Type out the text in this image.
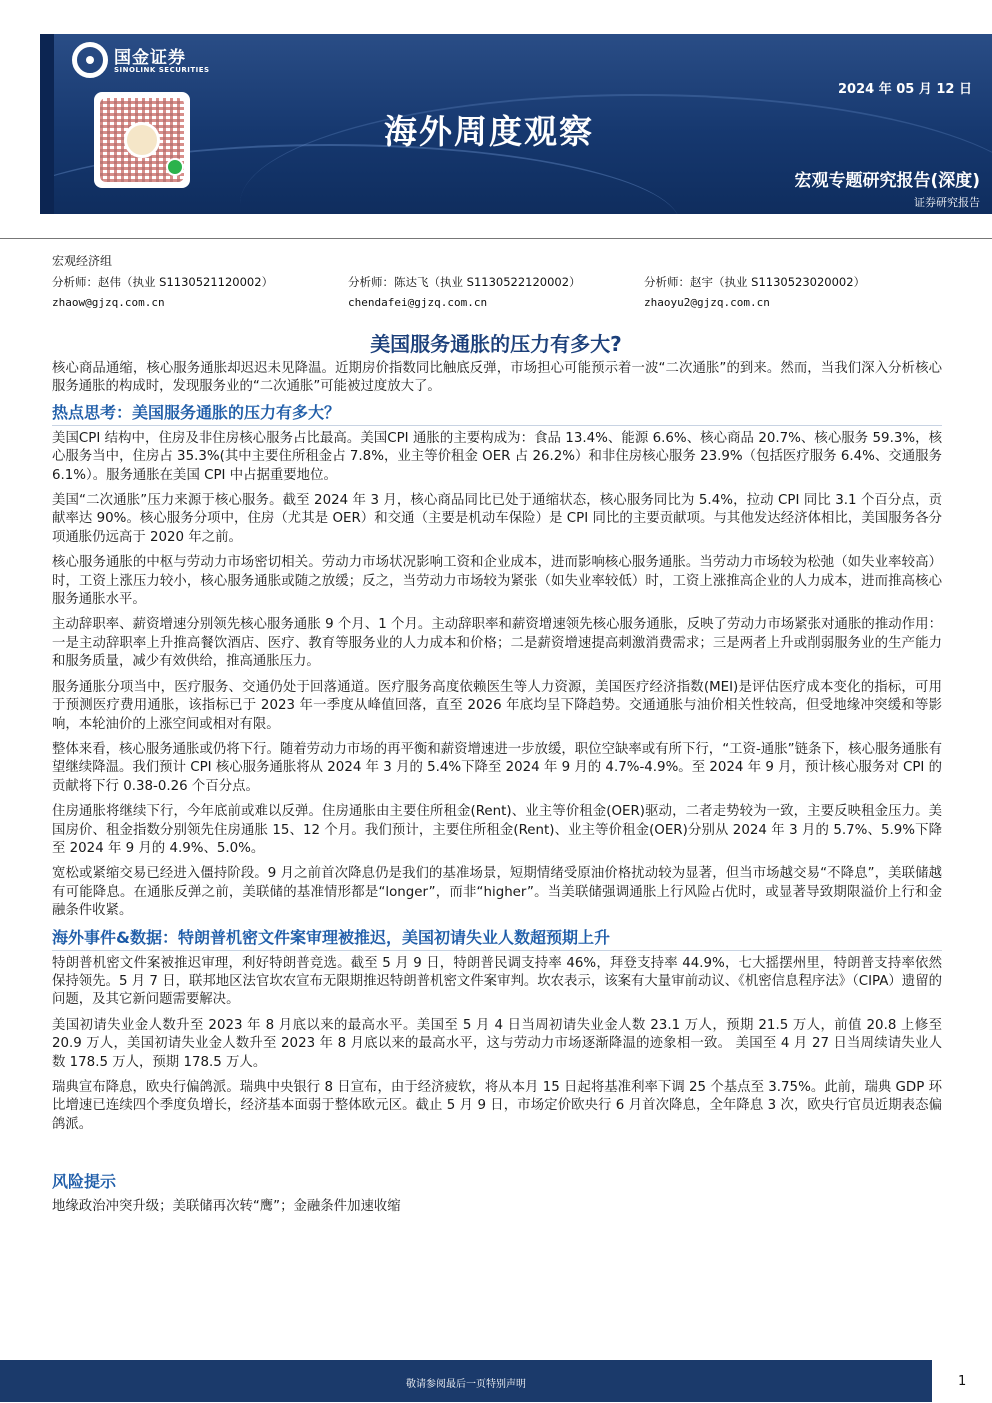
2024 年 05 月 12 日
宏观专题研究报告(深度)
证券研究报告
国金证券
SINOLINK SECURITIES
海外周度观察
宏观经济组
分析师：赵伟（执业 S1130521120002）
zhaow@gjzq.com.cn
分析师：陈达飞（执业 S1130522120002）
chendafei@gjzq.com.cn
分析师：赵宇（执业 S1130523020002）
zhaoyu2@gjzq.com.cn
美国服务通胀的压力有多大?

核心商品通缩，核心服务通胀却迟迟未见降温。近期房价指数同比触底反弹，市场担心可能预示着一波“二次通胀”的到来。然而，当我们深入分析核心服务通胀的构成时，发现服务业的“二次通胀”可能被过度放大了。

热点思考：美国服务通胀的压力有多大？

美国CPI 结构中，住房及非住房核心服务占比最高。美国CPI 通胀的主要构成为：食品 13.4%、能源 6.6%、核心商品 20.7%、核心服务 59.3%，核心服务当中，住房占 35.3%(其中主要住所租金占 7.8%，业主等价租金 OER 占 26.2%）和非住房核心服务 23.9%（包括医疗服务 6.4%、交通服务 6.1%）。服务通胀在美国 CPI 中占据重要地位。

美国“二次通胀”压力来源于核心服务。截至 2024 年 3 月，核心商品同比已处于通缩状态，核心服务同比为 5.4%，拉动 CPI 同比 3.1 个百分点，贡献率达 90%。核心服务分项中，住房（尤其是 OER）和交通（主要是机动车保险）是 CPI 同比的主要贡献项。与其他发达经济体相比，美国服务各分项通胀仍远高于 2020 年之前。

核心服务通胀的中枢与劳动力市场密切相关。劳动力市场状况影响工资和企业成本，进而影响核心服务通胀。当劳动力市场较为松弛（如失业率较高）时，工资上涨压力较小，核心服务通胀或随之放缓；反之，当劳动力市场较为紧张（如失业率较低）时，工资上涨推高企业的人力成本，进而推高核心服务通胀水平。

主动辞职率、薪资增速分别领先核心服务通胀 9 个月、1 个月。主动辞职率和薪资增速领先核心服务通胀，反映了劳动力市场紧张对通胀的推动作用：一是主动辞职率上升推高餐饮酒店、医疗、教育等服务业的人力成本和价格；二是薪资增速提高刺激消费需求；三是两者上升或削弱服务业的生产能力和服务质量，减少有效供给，推高通胀压力。

服务通胀分项当中，医疗服务、交通仍处于回落通道。医疗服务高度依赖医生等人力资源，美国医疗经济指数(MEI)是评估医疗成本变化的指标，可用于预测医疗费用通胀，该指标已于 2023 年一季度从峰值回落，直至 2026 年底均呈下降趋势。交通通胀与油价相关性较高，但受地缘冲突缓和等影响，本轮油价的上涨空间或相对有限。

整体来看，核心服务通胀或仍将下行。随着劳动力市场的再平衡和薪资增速进一步放缓，职位空缺率或有所下行，“工资-通胀”链条下，核心服务通胀有望继续降温。我们预计 CPI 核心服务通胀将从 2024 年 3 月的 5.4%下降至 2024 年 9 月的 4.7%-4.9%。至 2024 年 9 月，预计核心服务对 CPI 的贡献将下行 0.38-0.26 个百分点。

住房通胀将继续下行，今年底前或难以反弹。住房通胀由主要住所租金(Rent)、业主等价租金(OER)驱动，二者走势较为一致，主要反映租金压力。美国房价、租金指数分别领先住房通胀 15、12 个月。我们预计，主要住所租金(Rent)、业主等价租金(OER)分别从 2024 年 3 月的 5.7%、5.9%下降至 2024 年 9 月的 4.9%、5.0%。

宽松或紧缩交易已经进入僵持阶段。9 月之前首次降息仍是我们的基准场景，短期情绪受原油价格扰动较为显著，但当市场越交易“不降息”，美联储越有可能降息。在通胀反弹之前，美联储的基准情形都是“longer”，而非“higher”。当美联储强调通胀上行风险占优时，或显著导致期限溢价上行和金融条件收紧。

海外事件&数据：特朗普机密文件案审理被推迟，美国初请失业人数超预期上升

特朗普机密文件案被推迟审理，利好特朗普竞选。截至 5 月 9 日，特朗普民调支持率 46%，拜登支持率 44.9%，七大摇摆州里，特朗普支持率依然保持领先。5 月 7 日，联邦地区法官坎农宣布无限期推迟特朗普机密文件案审判。坎农表示，该案有大量审前动议、《机密信息程序法》（CIPA）遗留的问题，及其它新问题需要解决。

美国初请失业金人数升至 2023 年 8 月底以来的最高水平。美国至 5 月 4 日当周初请失业金人数 23.1 万人，预期 21.5 万人，前值 20.8 上修至 20.9 万人，美国初请失业金人数升至 2023 年 8 月底以来的最高水平，这与劳动力市场逐渐降温的迹象相一致。 美国至 4 月 27 日当周续请失业人数 178.5 万人，预期 178.5 万人。

瑞典宣布降息，欧央行偏鸽派。瑞典中央银行 8 日宣布，由于经济疲软，将从本月 15 日起将基准利率下调 25 个基点至 3.75%。此前，瑞典 GDP 环比增速已连续四个季度负增长，经济基本面弱于整体欧元区。截止 5 月 9 日，市场定价欧央行 6 月首次降息，全年降息 3 次，欧央行官员近期表态偏鸽派。

风险提示

地缘政治冲突升级；美联储再次转“鹰”；金融条件加速收缩

敬请参阅最后一页特别声明	1
